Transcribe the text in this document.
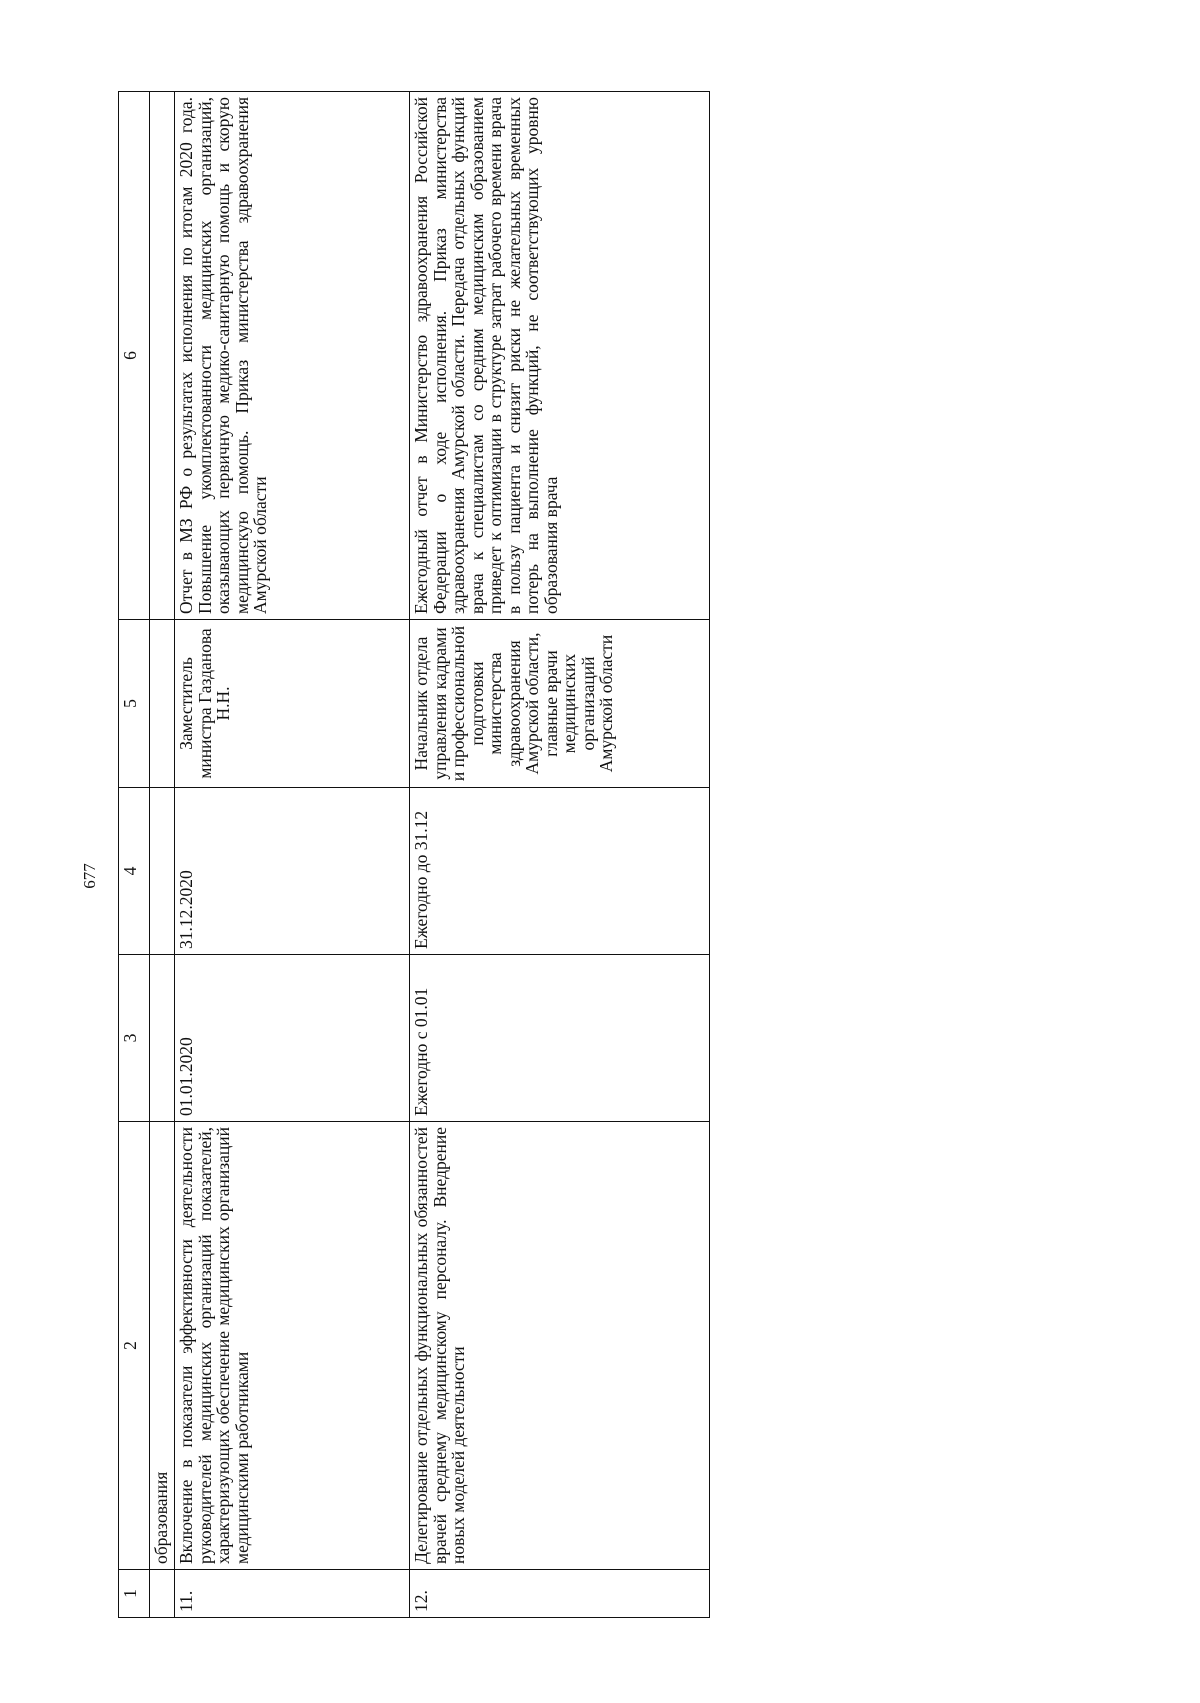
677
1	2	3	4	5	6
	образования				
11.	Включение в показатели эффективности деятельности руководителей медицинских организаций показателей, характеризующих обеспечение медицинских организаций медицинскими работниками	01.01.2020	31.12.2020	Заместитель министра Газданова Н.Н.	Отчет в МЗ РФ о результатах исполнения по итогам 2020 года. Повышение укомплектованности медицинских организаций, оказывающих первичную медико-санитарную помощь и скорую медицинскую помощь. Приказ министерства здравоохранения Амурской области
12.	Делегирование отдельных функциональных обязанностей врачей среднему медицинскому персоналу. Внедрение новых моделей деятельности	Ежегодно с 01.01	Ежегодно до 31.12	Начальник отдела управления кадрами и профессиональной подготовки министерства здравоохранения Амурской области, главные врачи медицинских организаций Амурской области	Ежегодный отчет в Министерство здравоохранения Российской Федерации о ходе исполнения. Приказ министерства здравоохранения Амурской области. Передача отдельных функций врача к специалистам со средним медицинским образованием приведет к оптимизации в структуре затрат рабочего времени врача в пользу пациента и снизит риски не желательных временных потерь на выполнение функций, не соответствующих уровню образования врача
